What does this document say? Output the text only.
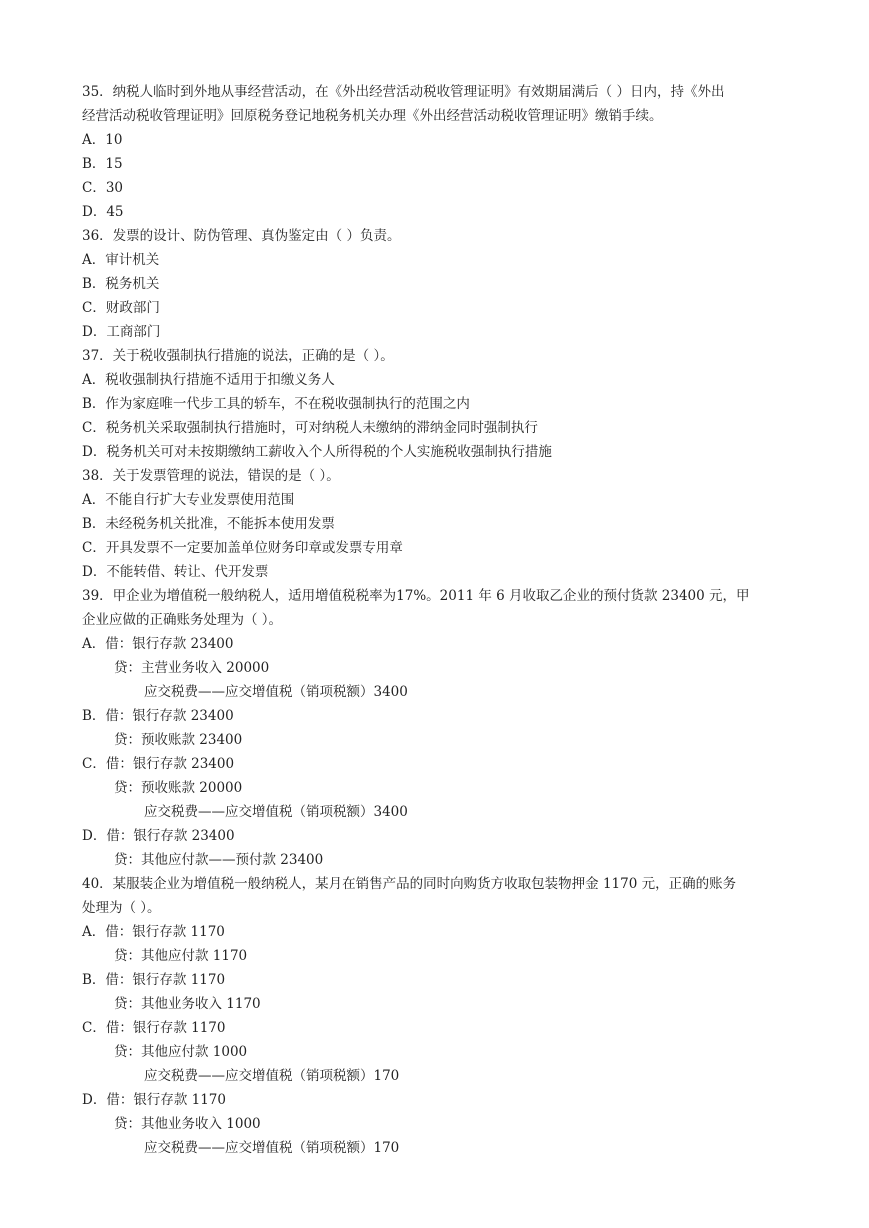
35．纳税人临时到外地从事经营活动，在《外出经营活动税收管理证明》有效期届满后（ ）日内，持《外出
经营活动税收管理证明》回原税务登记地税务机关办理《外出经营活动税收管理证明》缴销手续。
A．10
B．15
C．30
D．45
36．发票的设计、防伪管理、真伪鉴定由（ ）负责。
A．审计机关
B．税务机关
C．财政部门
D．工商部门
37．关于税收强制执行措施的说法，正确的是（ ）。
A．税收强制执行措施不适用于扣缴义务人
B．作为家庭唯一代步工具的轿车，不在税收强制执行的范围之内
C．税务机关采取强制执行措施时，可对纳税人未缴纳的滞纳金同时强制执行
D．税务机关可对未按期缴纳工薪收入个人所得税的个人实施税收强制执行措施
38．关于发票管理的说法，错误的是（ ）。
A．不能自行扩大专业发票使用范围
B．未经税务机关批准，不能拆本使用发票
C．开具发票不一定要加盖单位财务印章或发票专用章
D．不能转借、转让、代开发票
39．甲企业为增值税一般纳税人，适用增值税税率为17%。2011 年 6 月收取乙企业的预付货款 23400 元，甲
企业应做的正确账务处理为（ ）。
A．借：银行存款 23400
贷：主营业务收入 20000
应交税费——应交增值税（销项税额）3400
B．借：银行存款 23400
贷：预收账款 23400
C．借：银行存款 23400
贷：预收账款 20000
应交税费——应交增值税（销项税额）3400
D．借：银行存款 23400
贷：其他应付款——预付款 23400
40．某服装企业为增值税一般纳税人，某月在销售产品的同时向购货方收取包装物押金 1170 元，正确的账务
处理为（ ）。
A．借：银行存款 1170
贷：其他应付款 1170
B．借：银行存款 1170
贷：其他业务收入 1170
C．借：银行存款 1170
贷：其他应付款 1000
应交税费——应交增值税（销项税额）170
D．借：银行存款 1170
贷：其他业务收入 1000
应交税费——应交增值税（销项税额）170
